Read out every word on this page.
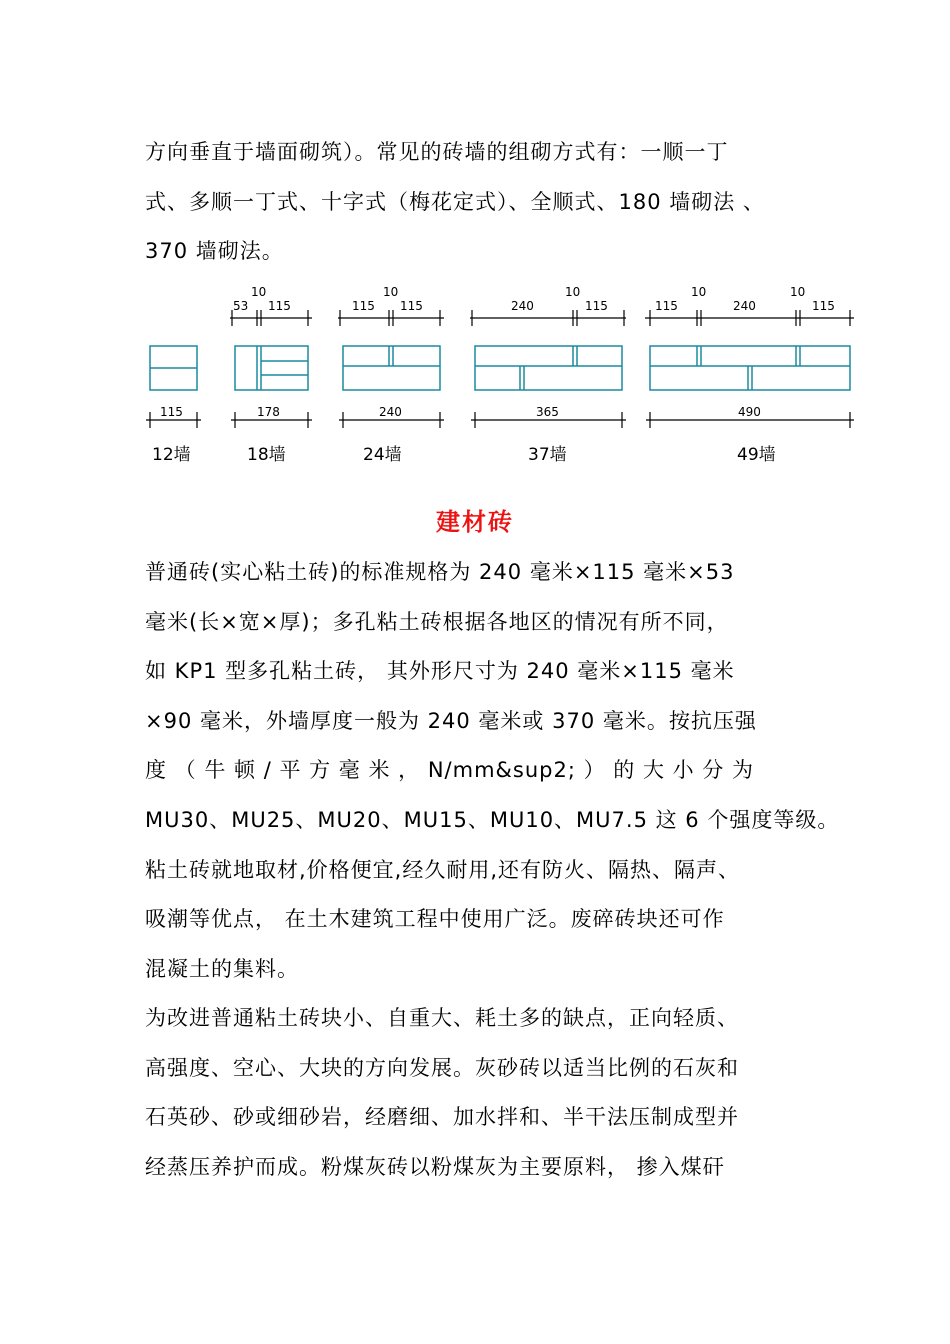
方向垂直于墙面砌筑）。常见的砖墙的组砌方式有：一顺一丁
式、多顺一丁式、十字式（梅花定式）、全顺式、180 墙砌法 、
370 墙砌法。
53
10
115
10
115
115	240
10
115	115
10
240
10
115
115	178	240	365	490
12墙	18墙	24墙	37墙	49墙
建材砖
普通砖(实心粘土砖)的标准规格为 240 毫米×115 毫米×53
毫米(长×宽×厚)；多孔粘土砖根据各地区的情况有所不同，
如 KP1 型多孔粘土砖， 其外形尺寸为 240 毫米×115 毫米
×90 毫米，外墙厚度一般为 240 毫米或 370 毫米。按抗压强
度 （ 牛 顿 / 平 方 毫 米 ， N/mm&sup2; ） 的 大 小 分 为
MU30、MU25、MU20、MU15、MU10、MU7.5 这 6 个强度等级。
粘土砖就地取材,价格便宜,经久耐用,还有防火、隔热、隔声、
吸潮等优点， 在土木建筑工程中使用广泛。废碎砖块还可作
混凝土的集料。
为改进普通粘土砖块小、自重大、耗土多的缺点，正向轻质、
高强度、空心、大块的方向发展。灰砂砖以适当比例的石灰和
石英砂、砂或细砂岩，经磨细、加水拌和、半干法压制成型并
经蒸压养护而成。粉煤灰砖以粉煤灰为主要原料， 掺入煤矸
